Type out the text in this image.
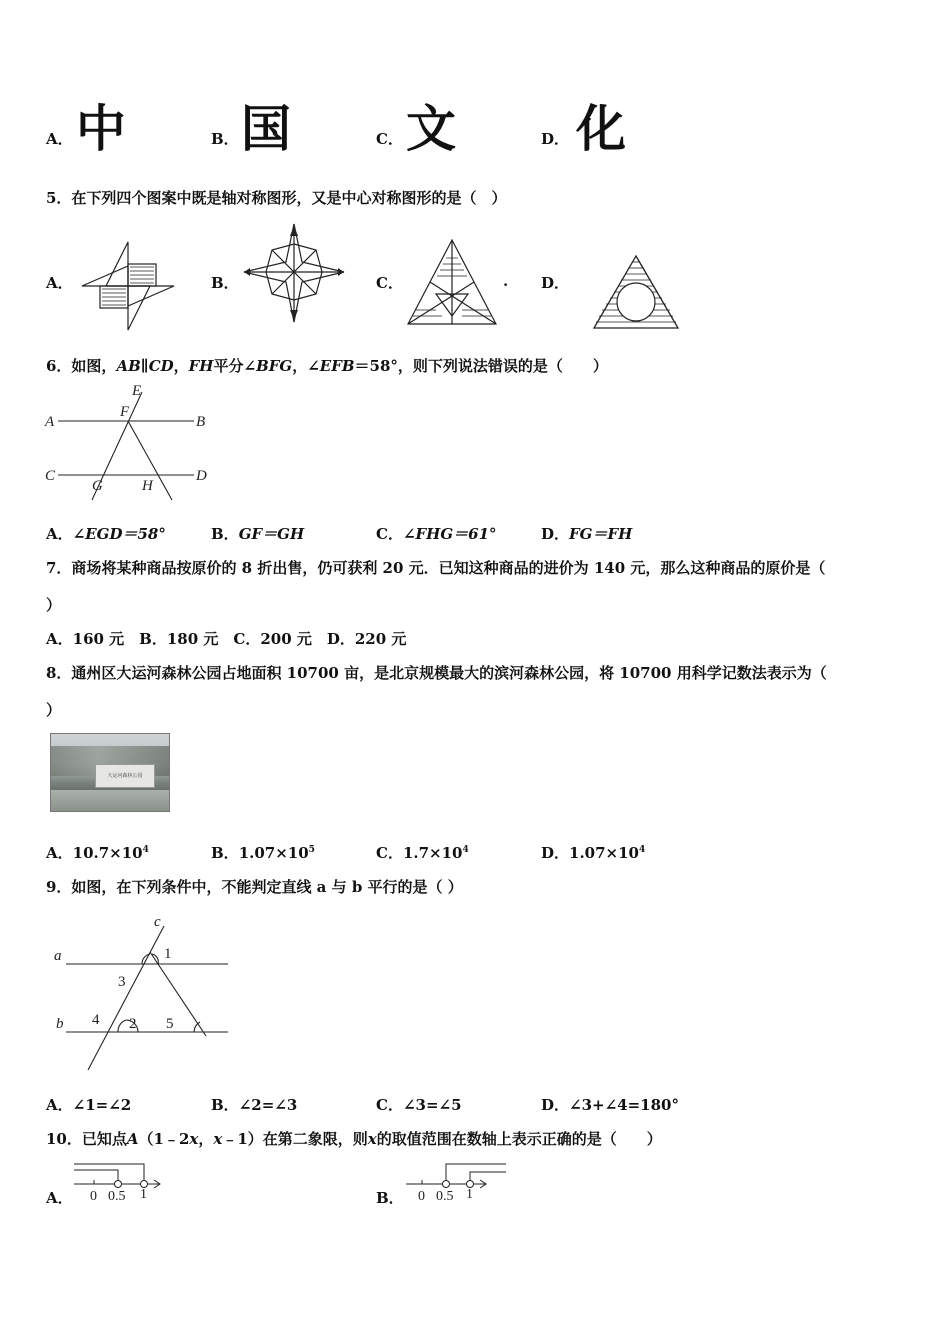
A． 中	B． 国	C． 文	D． 化
5．在下列四个图案中既是轴对称图形，又是中心对称图形的是（　）
A．	B．	C．	. D．
6．如图，AB∥CD，FH平分∠BFG，∠EFB＝58°，则下列说法错误的是（　　）
A	B
C	D
E
F
G	H
A．∠EGD＝58°	B．GF＝GH	C．∠FHG＝61°	D．FG＝FH
7．商场将某种商品按原价的 8 折出售，仍可获利 20 元．已知这种商品的进价为 140 元，那么这种商品的原价是（
）
A．160 元　B．180 元　C．200 元　D．220 元
8．通州区大运河森林公园占地面积 10700 亩，是北京规模最大的滨河森林公园，将 10700 用科学记数法表示为（
）
大运河森林公园
A．$10.7\times 10^4$	B．$1.07\times 10^5$	C．$1.7\times 10^4$	D．$1.07\times 10^4$
9．如图，在下列条件中，不能判定直线 a 与 b 平行的是（ ）
a
b
c
1
2
3
4	5
A．∠1=∠2	B．∠2=∠3	C．∠3=∠5	D．∠3+∠4=180°
10．已知点A（1﹣2x，x﹣1）在第二象限，则x的取值范围在数轴上表示正确的是（　　）
A． 0 0.5 1	B． 0 0.5 1
